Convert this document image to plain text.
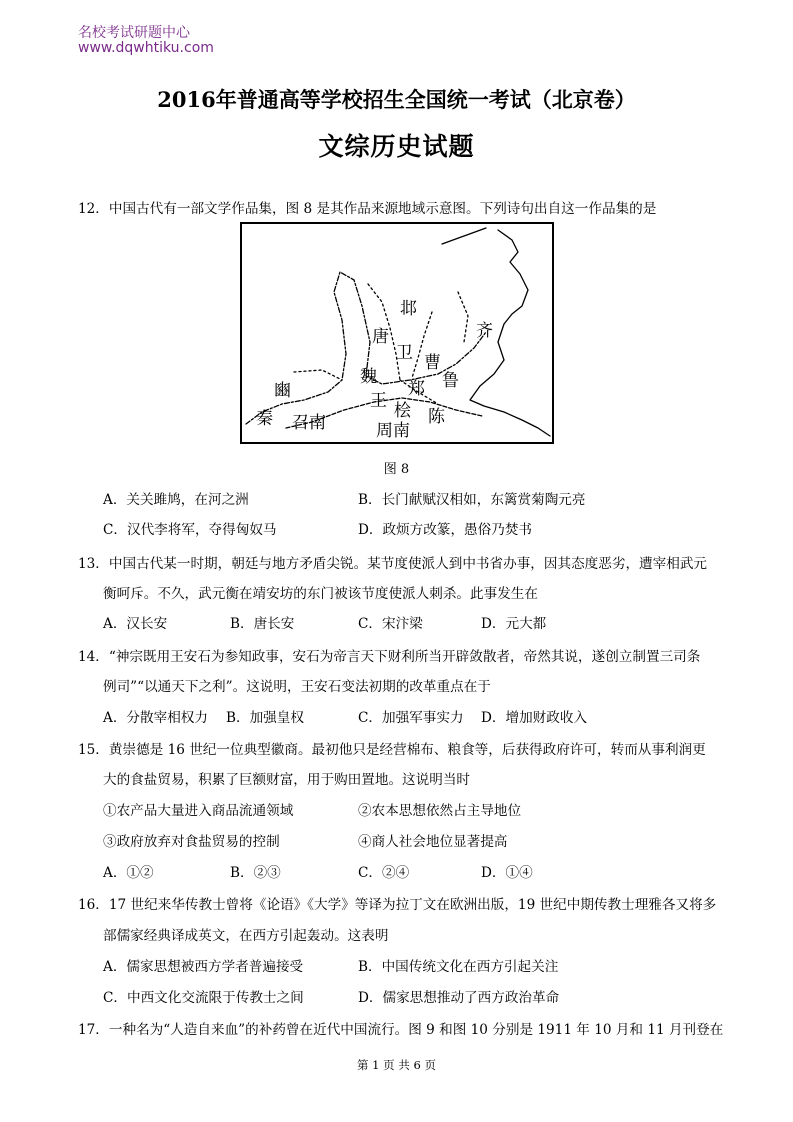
名校考试研题中心
www.dqwhtiku.com
2016年普通高等学校招生全国统一考试（北京卷）
文综历史试题
12．中国古代有一部文学作品集，图 8 是其作品来源地域示意图。下列诗句出自这一作品集的是
邶
齐
唐
卫 曹
鲁
魏
郑
豳	王 桧 陈
秦 召南	周南
图 8
A．关关雎鸠，在河之洲	B．长门献赋汉相如，东篱赏菊陶元亮
C．汉代李将军，夺得匈奴马	D．政烦方改篆，愚俗乃焚书
13．中国古代某一时期，朝廷与地方矛盾尖锐。某节度使派人到中书省办事，因其态度恶劣，遭宰相武元
衡呵斥。不久，武元衡在靖安坊的东门被该节度使派人刺杀。此事发生在
A．汉长安	B．唐长安	C．宋汴梁	D．元大都
14．“神宗既用王安石为参知政事，安石为帝言天下财利所当开辟敛散者，帝然其说，遂创立制置三司条
例司”“以通天下之利”。这说明，王安石变法初期的改革重点在于
A．分散宰相权力 B．加强皇权	C．加强军事实力 D．增加财政收入
15．黄崇德是 16 世纪一位典型徽商。最初他只是经营棉布、粮食等，后获得政府许可，转而从事利润更
大的食盐贸易，积累了巨额财富，用于购田置地。这说明当时
①农产品大量进入商品流通领域	②农本思想依然占主导地位
③政府放弃对食盐贸易的控制	④商人社会地位显著提高
A．①②	B．②③	C．②④	D．①④
16．17 世纪来华传教士曾将《论语》《大学》等译为拉丁文在欧洲出版，19 世纪中期传教士理雅各又将多
部儒家经典译成英文，在西方引起轰动。这表明
A．儒家思想被西方学者普遍接受	B．中国传统文化在西方引起关注
C．中西文化交流限于传教士之间	D．儒家思想推动了西方政治革命
17．一种名为“人造自来血”的补药曾在近代中国流行。图 9 和图 10 分别是 1911 年 10 月和 11 月刊登在
第 1 页 共 6 页
